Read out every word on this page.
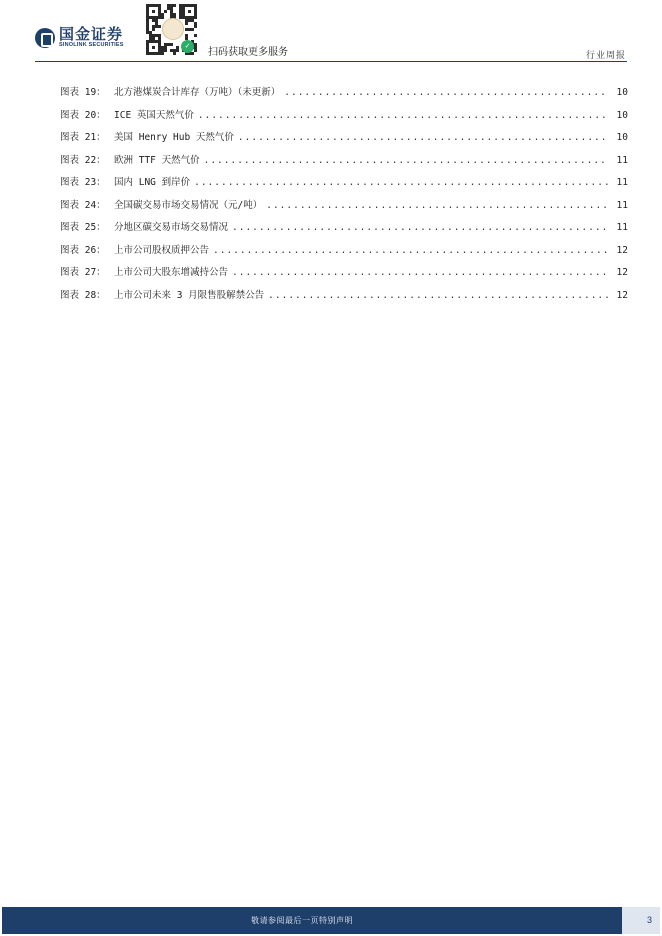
国金证券
SINOLINK SECURITIES	✓
扫码获取更多服务	行业周报
图表 19： 北方港煤炭合计库存（万吨）（未更新） .....	10
图表 20： ICE 英国天然气价 .....	10
图表 21： 美国 Henry Hub 天然气价 .....	10
图表 22： 欧洲 TTF 天然气价 .....	11
图表 23： 国内 LNG 到岸价 .....	11
图表 24： 全国碳交易市场交易情况（元/吨） .....	11
图表 25： 分地区碳交易市场交易情况 .....	11
图表 26： 上市公司股权质押公告 .....	12
图表 27： 上市公司大股东增减持公告 .....	12
图表 28： 上市公司未来 3 月限售股解禁公告 .....	12
敬请参阅最后一页特别声明	3
